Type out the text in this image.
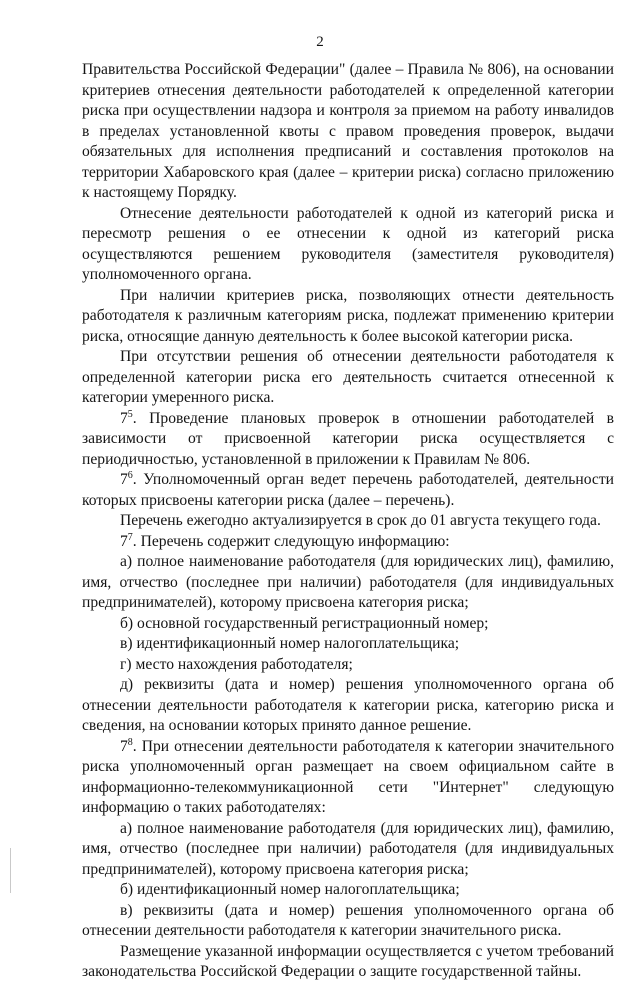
2

Правительства Российской Федерации" (далее – Правила № 806), на основании критериев отнесения деятельности работодателей к определенной категории риска при осуществлении надзора и контроля за приемом на работу инвалидов в пределах установленной квоты с правом проведения проверок, выдачи обязательных для исполнения предписаний и составления протоколов на территории Хабаровского края (далее – критерии риска) согласно приложению к настоящему Порядку.

Отнесение деятельности работодателей к одной из категорий риска и пересмотр решения о ее отнесении к одной из категорий риска осуществляются решением руководителя (заместителя руководителя) уполномоченного органа.

При наличии критериев риска, позволяющих отнести деятельность работодателя к различным категориям риска, подлежат применению критерии риска, относящие данную деятельность к более высокой категории риска.

При отсутствии решения об отнесении деятельности работодателя к определенной категории риска его деятельность считается отнесенной к категории умеренного риска.

$7^5$. Проведение плановых проверок в отношении работодателей в зависимости от присвоенной категории риска осуществляется с периодичностью, установленной в приложении к Правилам № 806.

$7^6$. Уполномоченный орган ведет перечень работодателей, деятельности которых присвоены категории риска (далее – перечень).

Перечень ежегодно актуализируется в срок до 01 августа текущего года.

$7^7$. Перечень содержит следующую информацию:

а) полное наименование работодателя (для юридических лиц), фамилию, имя, отчество (последнее при наличии) работодателя (для индивидуальных предпринимателей), которому присвоена категория риска;

б) основной государственный регистрационный номер;

в) идентификационный номер налогоплательщика;

г) место нахождения работодателя;

д) реквизиты (дата и номер) решения уполномоченного органа об отнесении деятельности работодателя к категории риска, категорию риска и сведения, на основании которых принято данное решение.

$7^8$. При отнесении деятельности работодателя к категории значительного риска уполномоченный орган размещает на своем официальном сайте в информационно-телекоммуникационной сети "Интернет" следующую информацию о таких работодателях:

а) полное наименование работодателя (для юридических лиц), фамилию, имя, отчество (последнее при наличии) работодателя (для индивидуальных предпринимателей), которому присвоена категория риска;

б) идентификационный номер налогоплательщика;

в) реквизиты (дата и номер) решения уполномоченного органа об отнесении деятельности работодателя к категории значительного риска.

Размещение указанной информации осуществляется с учетом требований законодательства Российской Федерации о защите государственной тайны.
